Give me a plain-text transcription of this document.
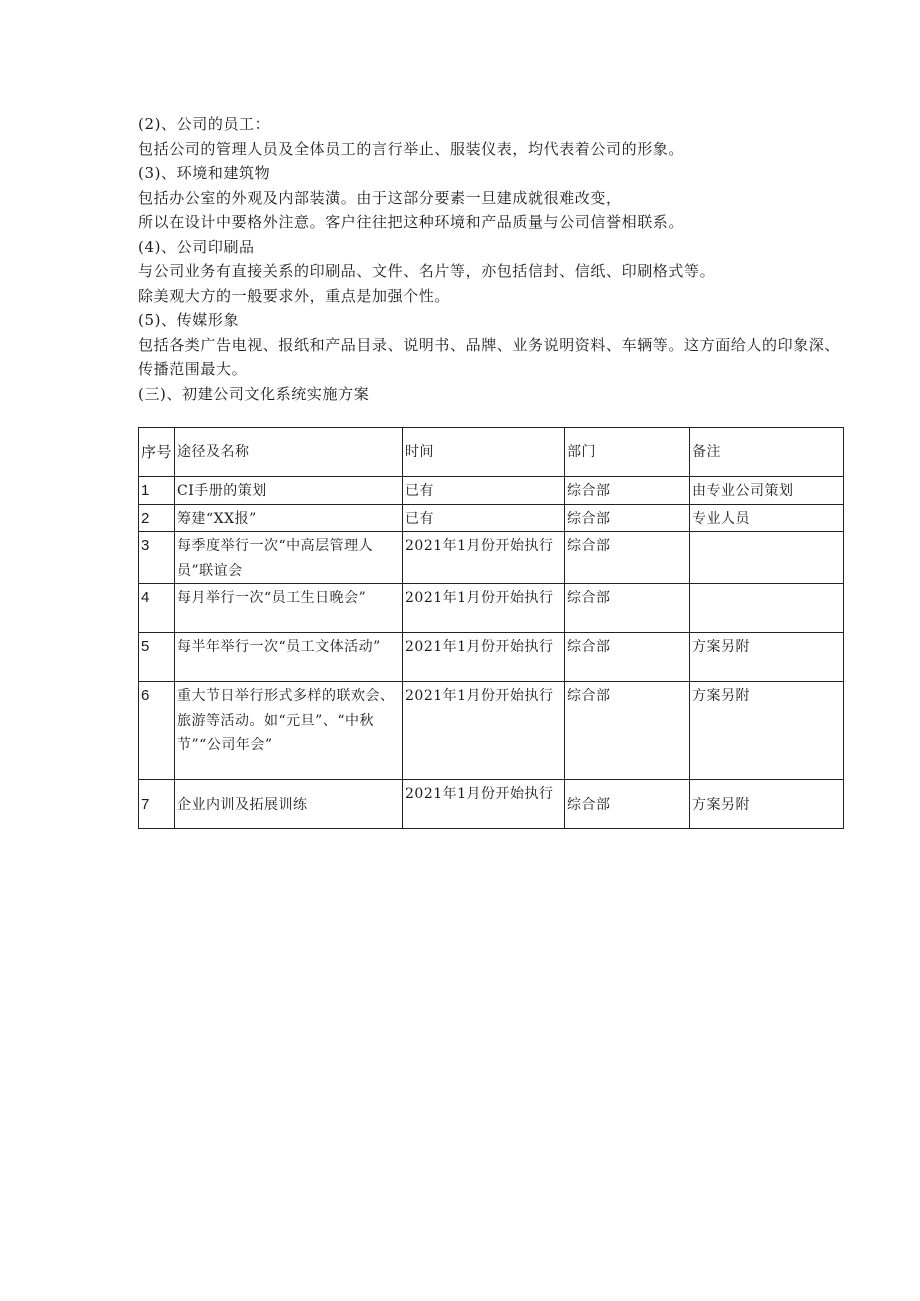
(2)、公司的员工：
包括公司的管理人员及全体员工的言行举止、服装仪表，均代表着公司的形象。
(3)、环境和建筑物
包括办公室的外观及内部装潢。由于这部分要素一旦建成就很难改变，
所以在设计中要格外注意。客户往往把这种环境和产品质量与公司信誉相联系。
(4)、公司印刷品
与公司业务有直接关系的印刷品、文件、名片等，亦包括信封、信纸、印刷格式等。
除美观大方的一般要求外，重点是加强个性。
(5)、传媒形象
包括各类广告电视、报纸和产品目录、说明书、品牌、业务说明资料、车辆等。这方面给人的印象深、传播范围最大。
(三)、初建公司文化系统实施方案
序号	途径及名称	时间	部门	备注
1	CI手册的策划	已有	综合部	由专业公司策划
2	筹建“XX报”	已有	综合部	专业人员
3	每季度举行一次“中高层管理人员”联谊会	2021年1月份开始执行	综合部	
4	每月举行一次“员工生日晚会”	2021年1月份开始执行	综合部	
5	每半年举行一次“员工文体活动”	2021年1月份开始执行	综合部	方案另附
6	重大节日举行形式多样的联欢会、旅游等活动。如“元旦”、“中秋节”“公司年会”	2021年1月份开始执行	综合部	方案另附
7	企业内训及拓展训练	2021年1月份开始执行	综合部	方案另附
